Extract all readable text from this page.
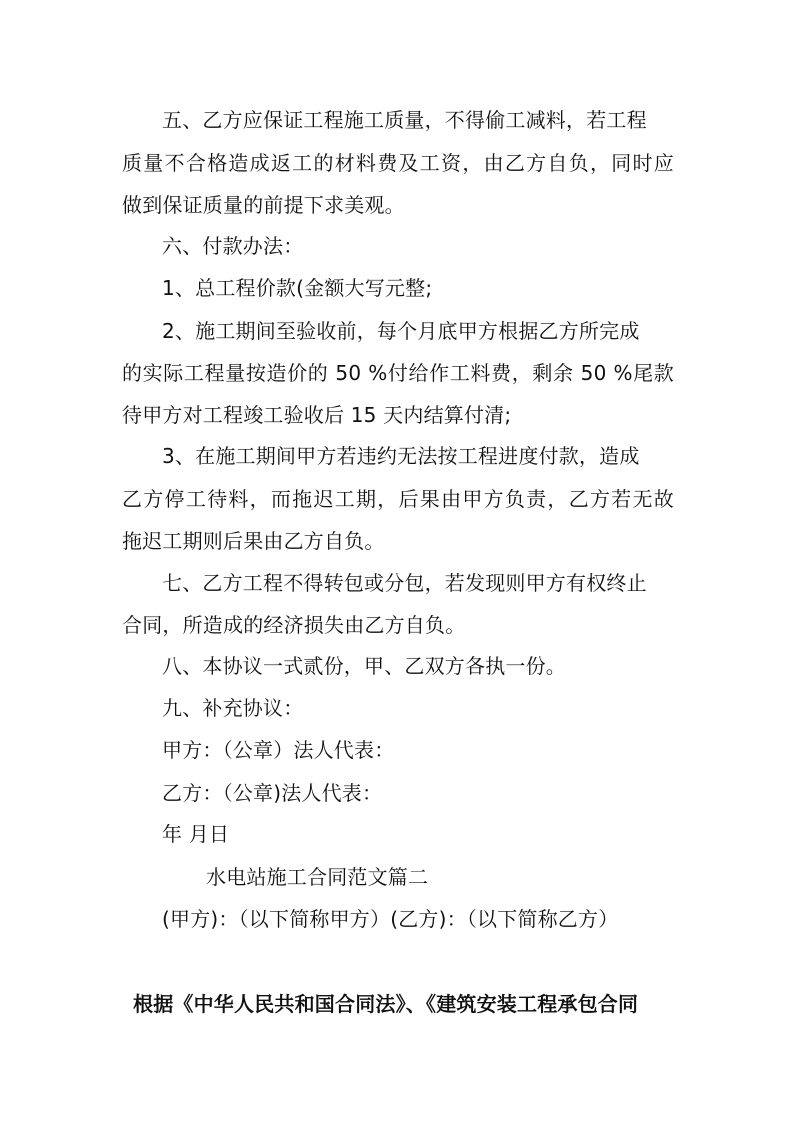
五、乙方应保证工程施工质量，不得偷工减料，若工程
质量不合格造成返工的材料费及工资，由乙方自负，同时应
做到保证质量的前提下求美观。
六、付款办法：
1、总工程价款(金额大写元整;
2、施工期间至验收前，每个月底甲方根据乙方所完成
的实际工程量按造价的 50 %付给作工料费，剩余 50 %尾款
待甲方对工程竣工验收后 15 天内结算付清;
3、在施工期间甲方若违约无法按工程进度付款，造成
乙方停工待料，而拖迟工期，后果由甲方负责，乙方若无故
拖迟工期则后果由乙方自负。
七、乙方工程不得转包或分包，若发现则甲方有权终止
合同，所造成的经济损失由乙方自负。
八、本协议一式贰份，甲、乙双方各执一份。
九、补充协议：
甲方：（公章）法人代表：
乙方：（公章)法人代表：
年 月日
水电站施工合同范文篇二
(甲方)：（以下简称甲方）(乙方)：（以下简称乙方）
根据《中华人民共和国合同法》、《建筑安装工程承包合同
